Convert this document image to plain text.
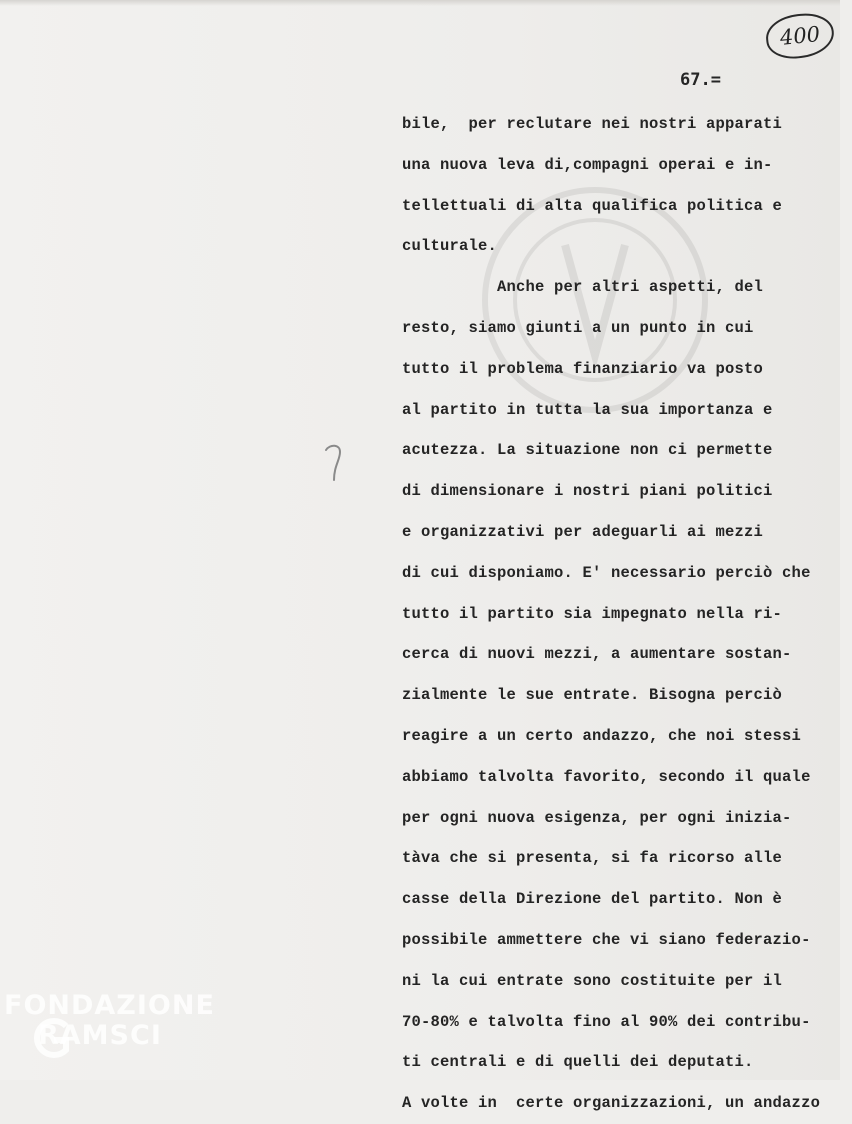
400
67.=
bile,  per reclutare nei nostri apparati
una nuova leva di,compagni operai e in-
tellettuali di alta qualifica politica e
culturale.
Anche per altri aspetti, del
resto, siamo giunti a un punto in cui
tutto il problema finanziario va posto
al partito in tutta la sua importanza e
acutezza. La situazione non ci permette
di dimensionare i nostri piani politici
e organizzativi per adeguarli ai mezzi
di cui disponiamo. E' necessario perciò che
tutto il partito sia impegnato nella ri-
cerca di nuovi mezzi, a aumentare sostan-
zialmente le sue entrate. Bisogna perciò
reagire a un certo andazzo, che noi stessi
abbiamo talvolta favorito, secondo il quale
per ogni nuova esigenza, per ogni inizia-
tàva che si presenta, si fa ricorso alle
casse della Direzione del partito. Non è
possibile ammettere che vi siano federazio-
ni la cui entrate sono costituite per il
70-80% e talvolta fino al 90% dei contribu-
ti centrali e di quelli dei deputati.
A volte in  certe organizzazioni, un andazzo
FONDAZIONE
RAMSCI
